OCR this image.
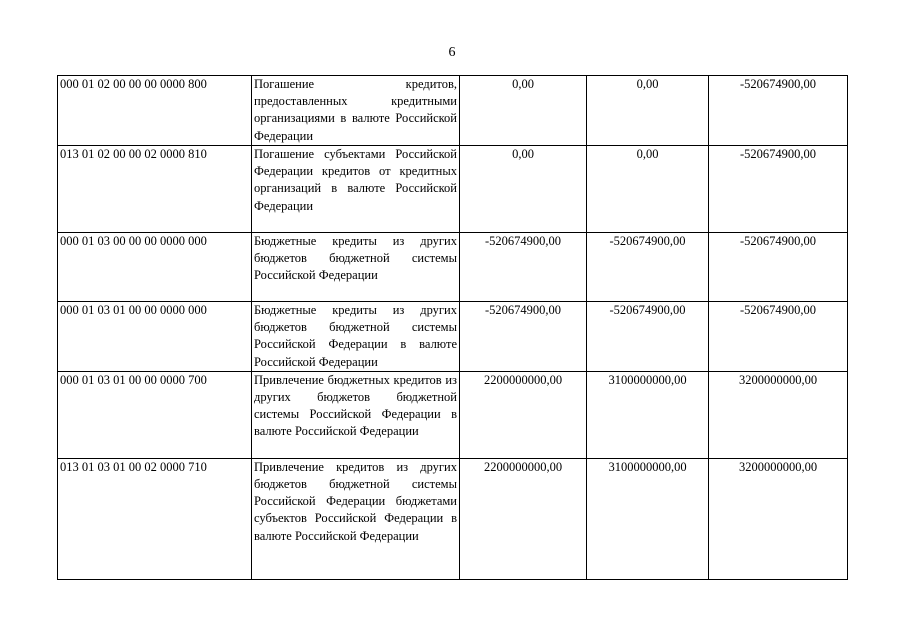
6
000 01 02 00 00 00 0000 800	Погашение кредитов, предоставленных кредитными организациями в валюте Российской Федерации	0,00	0,00	-520674900,00
013 01 02 00 00 02 0000 810	Погашение субъектами Российской Федерации кредитов от кредитных организаций в валюте Российской Федерации	0,00	0,00	-520674900,00
000 01 03 00 00 00 0000 000	Бюджетные кредиты из других бюджетов бюджетной системы Российской Федерации	-520674900,00	-520674900,00	-520674900,00
000 01 03 01 00 00 0000 000	Бюджетные кредиты из других бюджетов бюджетной системы Российской Федерации в валюте Российской Федерации	-520674900,00	-520674900,00	-520674900,00
000 01 03 01 00 00 0000 700	Привлечение бюджетных кредитов из других бюджетов бюджетной системы Российской Федерации в валюте Российской Федерации	2200000000,00	3100000000,00	3200000000,00
013 01 03 01 00 02 0000 710	Привлечение кредитов из других бюджетов бюджетной системы Российской Федерации бюджетами субъектов Российской Федерации в валюте Российской Федерации	2200000000,00	3100000000,00	3200000000,00
